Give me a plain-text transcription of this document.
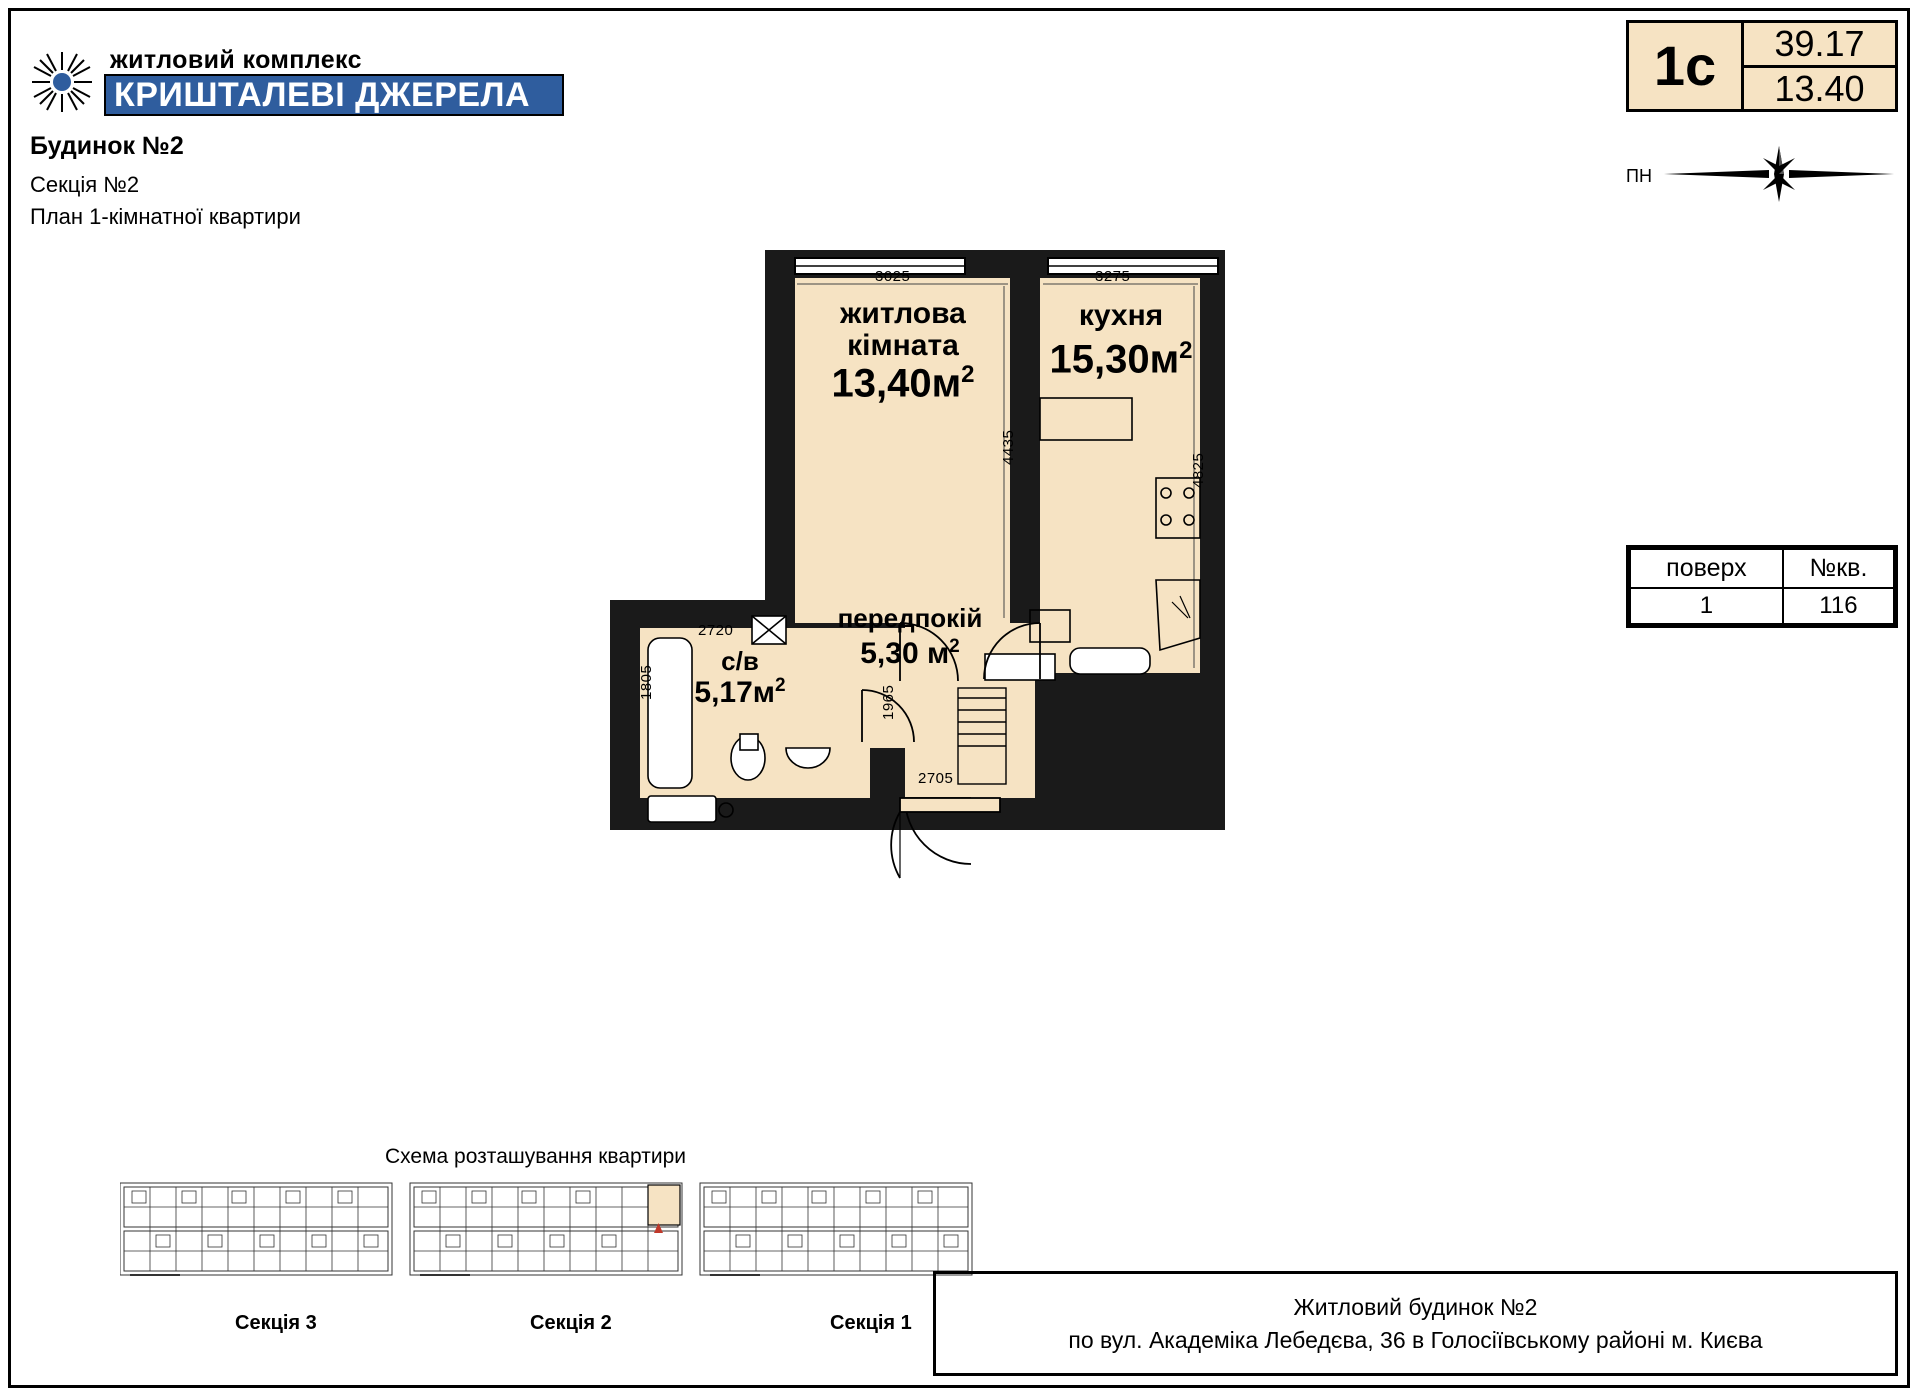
житловий комплекс
КРИШТАЛЕВІ ДЖЕРЕЛА
Будинок №2
Секція №2
План 1-кімнатної квартири
1c	39.17
13.40
ПН
поверх	№кв.
1	116
житлова
кімната
$13,40м^2$
кухня
$15,30м^2$
с/в
$5,17м^2$
передпокій
5,30 $м^2$
3025	3275
4435
4825
2720
1805
1965
2705
Схема розташування квартири
Секція 3	Секція 2	Секція 1
Житловий будинок №2
по вул. Академіка Лебедєва, 36 в Голосіївському районі м. Києва
